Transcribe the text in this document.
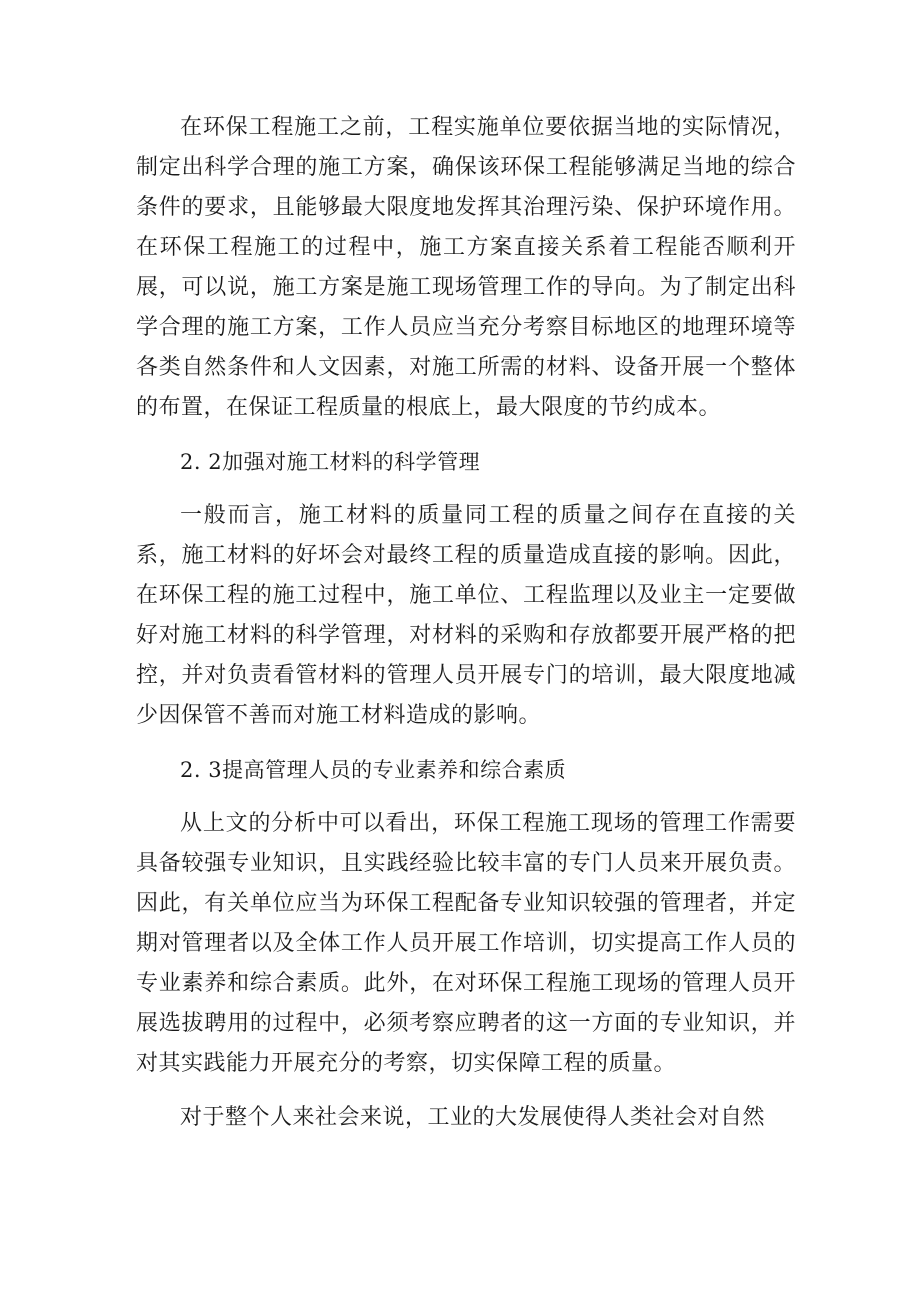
在环保工程施工之前，工程实施单位要依据当地的实际情况，制定出科学合理的施工方案，确保该环保工程能够满足当地的综合条件的要求，且能够最大限度地发挥其治理污染、保护环境作用。在环保工程施工的过程中，施工方案直接关系着工程能否顺利开展，可以说，施工方案是施工现场管理工作的导向。为了制定出科学合理的施工方案，工作人员应当充分考察目标地区的地理环境等各类自然条件和人文因素，对施工所需的材料、设备开展一个整体的布置，在保证工程质量的根底上，最大限度的节约成本。

2. 2加强对施工材料的科学管理

一般而言，施工材料的质量同工程的质量之间存在直接的关系，施工材料的好坏会对最终工程的质量造成直接的影响。因此，在环保工程的施工过程中，施工单位、工程监理以及业主一定要做好对施工材料的科学管理，对材料的采购和存放都要开展严格的把控，并对负责看管材料的管理人员开展专门的培训，最大限度地减少因保管不善而对施工材料造成的影响。

2. 3提高管理人员的专业素养和综合素质

从上文的分析中可以看出，环保工程施工现场的管理工作需要具备较强专业知识，且实践经验比较丰富的专门人员来开展负责。因此，有关单位应当为环保工程配备专业知识较强的管理者，并定期对管理者以及全体工作人员开展工作培训，切实提高工作人员的专业素养和综合素质。此外，在对环保工程施工现场的管理人员开展选拔聘用的过程中，必须考察应聘者的这一方面的专业知识，并对其实践能力开展充分的考察，切实保障工程的质量。

对于整个人来社会来说，工业的大发展使得人类社会对自然
